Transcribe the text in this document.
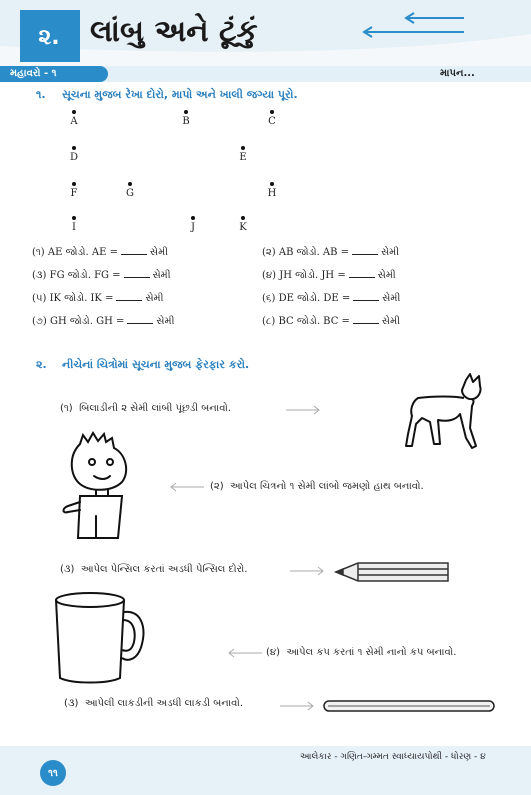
૨.	લાંબુ અને ટૂંકું
મહાવરો - ૧	માપન...
૧. સૂચના મુજબ રેખા દોરો, માપો અને ખાલી જગ્યા પૂરો.
A	B	C
D	E
F	G	H
I	J	K
(૧) AE જોડો. AE =	સેમી	(૨) AB જોડો. AB =	સેમી
(૩) FG જોડો. FG =	સેમી	(૪) JH જોડો. JH =	સેમી
(૫) IK જોડો. IK =	સેમી	(૬) DE જોડો. DE =	સેમી
(૭) GH જોડો. GH =	સેમી	(૮) BC જોડો. BC =	સેમી
૨. નીચેનાં ચિત્રોમાં સૂચના મુજબ ફેરફાર કરો.
(૧) બિલાડીની ૨ સેમી લાંબી પૂંછડી બનાવો.
(૨) આપેલ ચિત્રનો ૧ સેમી લાંબો જમણો હાથ બનાવો.
(૩) આપેલ પેન્સિલ કરતાં અડધી પેન્સિલ દોરો.
(૪) આપેલ કપ કરતાં ૧ સેમી નાનો કપ બનાવો.
(૩) આપેલી લાકડીની અડધી લાકડી બનાવો.
આલેકાર - ગણિત-ગમ્મત સ્વાધ્યાયપોથી - ધોરણ - ૪
૧૧
